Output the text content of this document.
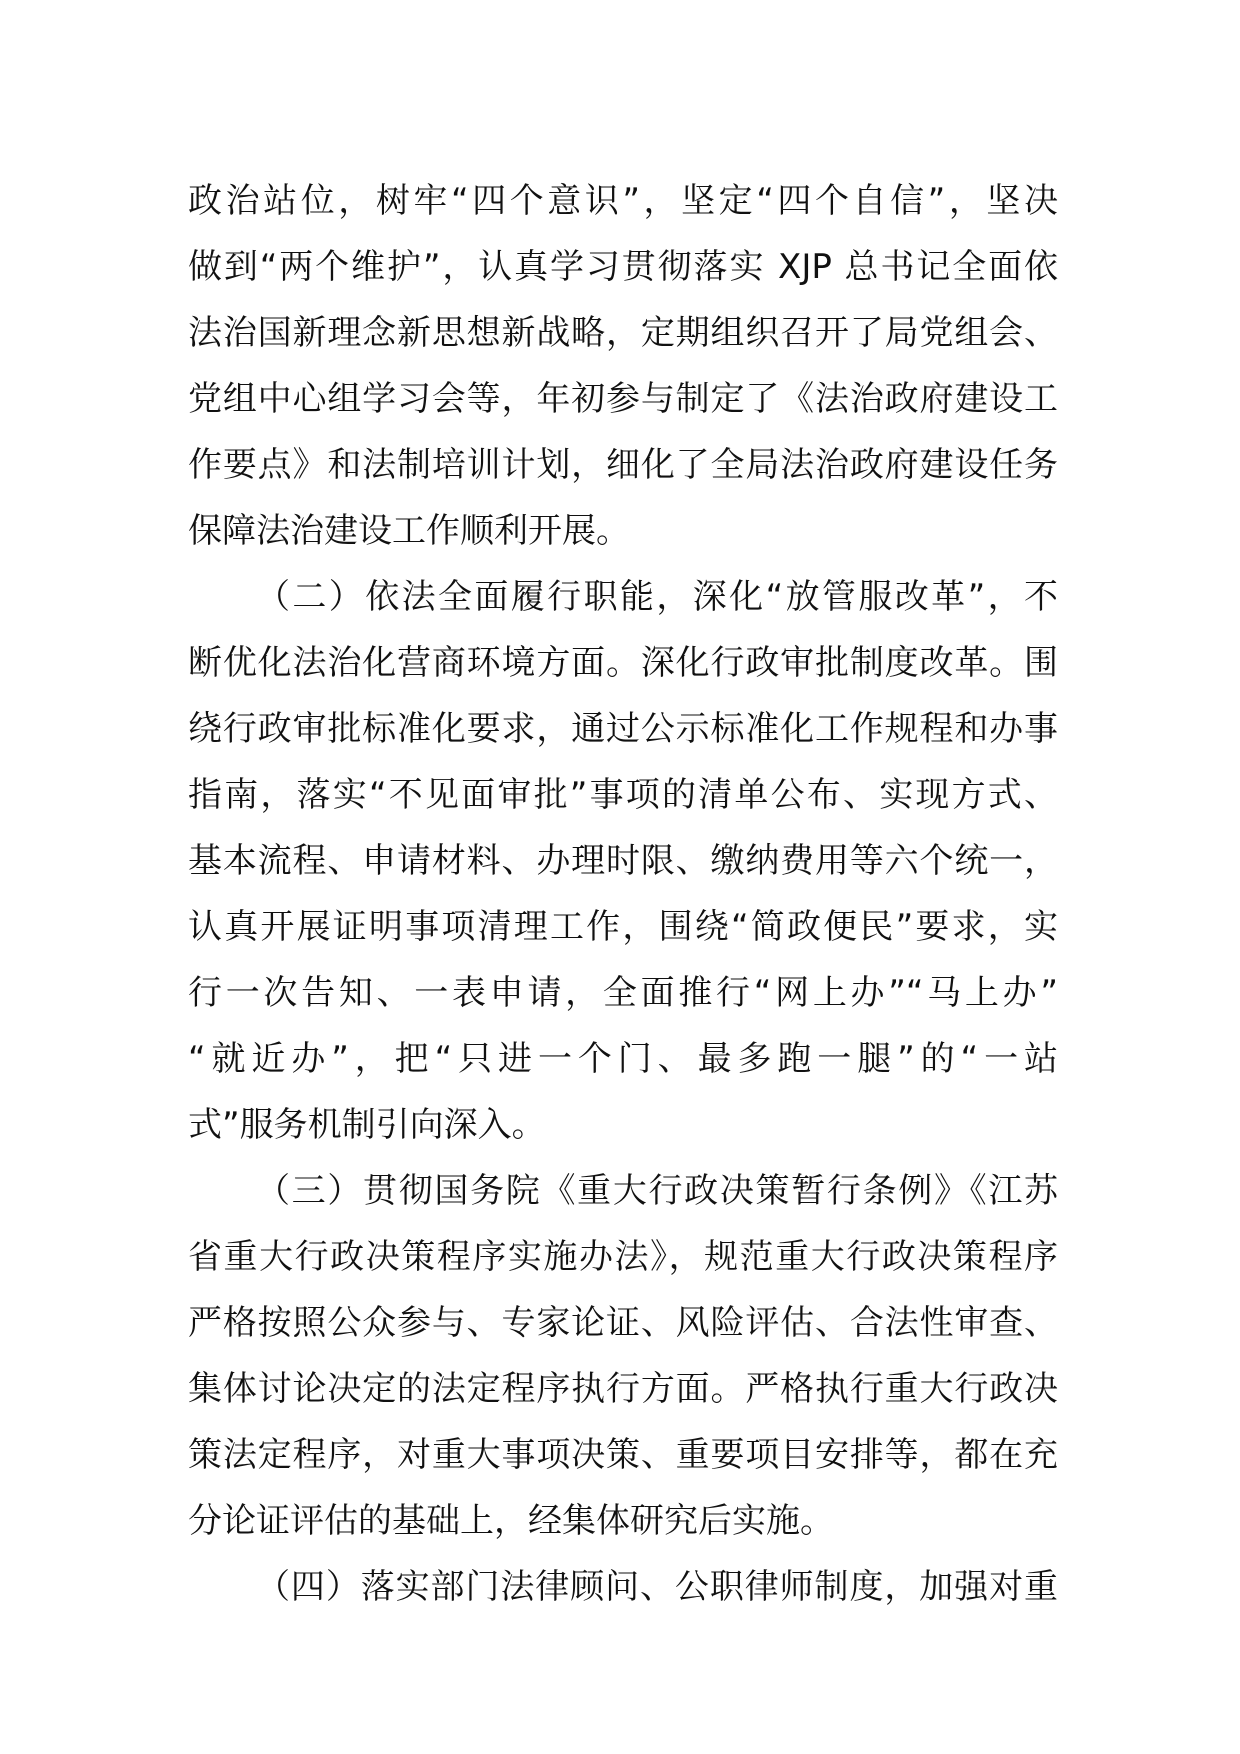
政治站位，树牢“四个意识”，坚定“四个自信”，坚决
做到“两个维护”，认真学习贯彻落实 XJP 总书记全面依
法治国新理念新思想新战略，定期组织召开了局党组会、
党组中心组学习会等，年初参与制定了《法治政府建设工
作要点》和法制培训计划，细化了全局法治政府建设任务
保障法治建设工作顺利开展。
（二）依法全面履行职能，深化“放管服改革”，不
断优化法治化营商环境方面。深化行政审批制度改革。围
绕行政审批标准化要求，通过公示标准化工作规程和办事
指南，落实“不见面审批”事项的清单公布、实现方式、
基本流程、申请材料、办理时限、缴纳费用等六个统一，
认真开展证明事项清理工作，围绕“简政便民”要求，实
行一次告知、一表申请，全面推行“网上办”“马上办”
“就近办”，把“只进一个门、最多跑一腿”的“一站
式”服务机制引向深入。
（三）贯彻国务院《重大行政决策暂行条例》《江苏
省重大行政决策程序实施办法》，规范重大行政决策程序
严格按照公众参与、专家论证、风险评估、合法性审查、
集体讨论决定的法定程序执行方面。严格执行重大行政决
策法定程序，对重大事项决策、重要项目安排等，都在充
分论证评估的基础上，经集体研究后实施。
（四）落实部门法律顾问、公职律师制度，加强对重
